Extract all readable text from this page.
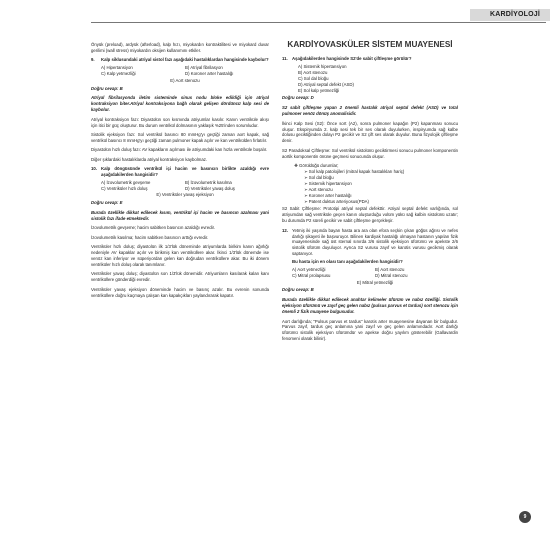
KARDİYOLOJİ

Önyük (preload), ardyük (afterload), kalp hızı, miyokardın kontraktilitesi ve miyokard duvar gerilimi (wall stress) miyokardın oksijen kullanımını etkiler.

9.	Kalp siklusundaki atriyal sistol fazı aşağıdaki hastalıklardan hangisinde kaybolur?
A) Hipertansiyon	B) Atriyal fibrilasyon
C) Kalp yetmezliği	D) Koroner arter hastalığı
E) Aort stenozu
Doğru cevap: B

Atriyal fibrilasyonda iletim sisteminde sinus nodu bloke edildiği için atriyal kontraksiyon biter.Atriyal kontraksiyona bağlı olarak gelişen dördüncü kalp sesi de kaybolur.

Atriyal kontraksiyon fazı: Diyastolün son kısmında atriyumlar kasılır. Kanın ventriküle akışı için itici bir güç oluşturur. Bu durum ventrikül dolmasının yaklaşık %25'inden sorumludur.

Sistolik ejeksiyon fazı: Sol ventrikül basıncı 80 mmHg'yı geçtiği zaman aort kapak, sağ ventrikül basıncı 8 mmHg'yı geçtiği zaman pulmoner kapak açılır ve kan ventrikülden fırlatılır.

Diyastolün hızlı doluş fazı: AV kapakların açılması ile atriyumdaki kan hızla ventriküle boşalır.

Diğer şıklardaki hastalıklarda atriyal kontraksiyon kaybolmaz.

10. Kalp döngüsünde ventrikül içi hacim ve basıncın birlikte azaldığı evre aşağıdakilerden hangisidir?
A) İzovolumetrik gevşeme	B) İzovolumetrik kasılma
C) Ventriküler hızlı doluş	D) Ventriküler yavaş doluş
E) Ventriküler yavaş ejeksiyon
Doğru cevap: E

Burada özellikle dikkat edilecek kısım, ventrikül içi hacim ve basıncın azalması yani sistolik fazı ifade etmektedir.

İzovolumetrik gevşeme; hacim sabitken basıncın azaldığı evredir.

İzovolumetrik kasılma; hacim sabitken basıncın arttığı evredir.

Ventriküler hızlı doluş; diyastolün ilk 1/3'lük döneminde atriyumlarda birikim kanın ağırlığı nedeniyle AV kapaklar açılır ve birikmiş kan ventriküllere akar. İkinci 1/3'lük dönemde ise venöz kan inferiyor ve süperiyordan gelen kan doğrudan ventriküllere akar. Bu iki dönem ventriküler hızlı doluş olarak tanımlanır.

Ventriküler yavaş doluş; diyastolün son 1/3'lük dönemidir. Atriyumların kasılarak kalan kanı ventriküllere gönderdiği evredir.

Ventriküler yavaş ejeksiyon döneminde hacim ve basınç azalır. Bu evrenin sonunda ventriküllere doğru kaçmaya çalışan kan kapakçıkları yaylandırarak kapatır.

KARDİYOVASKÜLER SİSTEM MUAYENESİ
11. Aşağıdakilerden hangisinde S2'de sabit çiftleşme görülür?
A) Sistemik hipertansiyon
B) Aort stenozu
C) Sol dal bloğu
D) Atriyal septal defekt (ASD)
E) Sol kalp yetmezliği
Doğru cevap: D

S2 sabit çiftleşme yapan 2 önemli hastalık atriyal septal defekt (ASD) ve total pulmoner venöz dönüş anomalisidir.

İkinci Kalp Sesi (S2): Önce sort (A2), sonra pulmoner kapağın (P2) kapanması sonucu oluşur. Ekspiryumda 2. kalp sesi tek bir ses olarak duyulurken, inspiryumda sağ kalbe dolusu geciktiğinden dolayı P2 gecikir ve S2 çift ses olarak duyulur. Buna fizyolojik çiftleşme denir.

S2 Paradoksal Çiftleşme: Sol ventrikül sistolünü geciktirmesi sonucu pulmoner komponentin aortik komponentin önüne geçmesi sonucunda oluşur.

❖ Görüldüğü durumlar;
➢ Sol kalp patolojileri (mitral kapak hastalıkları hariç)
➢ Sol dal bloğu
➢ Sistemik hipertansiyon
➢ Aort stenozu
➢ Koroner arter hastalığı
➢ Patent duktus arteriyosus(PDA)

S2 Sabit Çiftleşme: Prototipi atriyal septal defekttir. Atriyal septal defekt varlığında, sol atriyumdan sağ ventriküle geçen kanın oluşturduğu volüm yükü sağ kalbin sistolünü uzatır; bu durumda P2 süreli gecikir ve sabit çiftleşme gerçekleşir.

12. Yetmiş iki yaşında bayan hasta ara ara olan efora seçkin çıkan göğüs ağrısı ve nefes darlığı şikayeti ile başvuruyor. Bilinen kardiyak hastalığı olmayan hastanın yapılan fizik muayenesinde sağ üst sternal sınırda 3/6 sistolik ejeksiyon üfürümü ve apekste 2/6 sistolik üfürüm duyuluyor. Ayrıca S2 vurusu zayıf ve karotis vurusu gecikmiş olarak saptanıyor.
Bu hasta için en olası tanı aşağıdakilerden hangisidir?
A) Aort yetmezliği	B) Aort stenozu
C) Mitral prolapsusu	D) Mitral stenozu
E) Mitral yetmezliği
Doğru cevap: B

Burada özellikle dikkat edilecek anahtar kelimeler üfürüm ve nabız özelliği. Sistolik ejeksiyon üfürümü ve zayıf geç gelen nabız (pulsus parvus et tardus) sort stenozu için önemli 2 fizik muayene bulgusudur.

Aort darlığında; "Pulsus parvus et tardus" karotis arter muayenesine dayanan bir bulgudur. Parvus zayıf, tardus geç anlamına yani zayıf ve geç gelen anlamındadır. Aort darlığı üfürümü sistolik ejeksiyon üfürümdür ve apekse doğru yayılım gösterebilir (Gallavardin fenomeni olarak bilinir).

9
